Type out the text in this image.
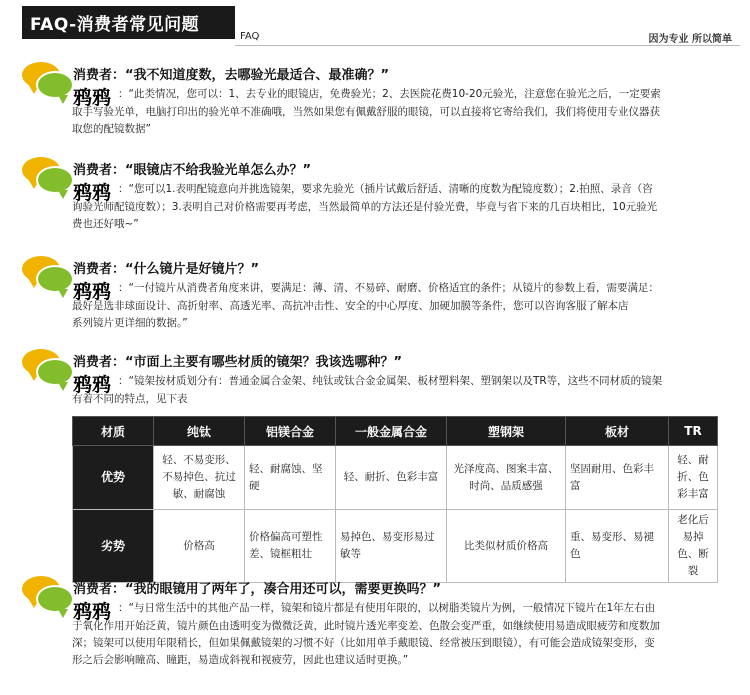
FAQ-消费者常见问题
FAQ	因为专业 所以简单
消费者：“我不知道度数，去哪验光最适合、最准确？”
鸦鸦 ：“此类情况，您可以：1、去专业的眼镜店，免费验光；2、去医院花费10-20元验光，注意您在验光之后，一定要索
取手写验光单，电脑打印出的验光单不准确哦，当然如果您有佩戴舒服的眼镜，可以直接将它寄给我们，我们将使用专业仪器获
取您的配镜数据”
消费者：“眼镜店不给我验光单怎么办？”
鸦鸦 ：“您可以1.表明配镜意向并挑选镜架，要求先验光（插片试戴后舒适、清晰的度数为配镜度数）；2.拍照、录音（咨
询验光师配镜度数）；3.表明自己对价格需要再考虑，当然最简单的方法还是付验光费，毕竟与省下来的几百块相比，10元验光
费也还好哦~”
消费者：“什么镜片是好镜片？”
鸦鸦 ：“一付镜片从消费者角度来讲，要满足：薄、清、不易碎、耐磨、价格适宜的条件；从镜片的参数上看，需要满足：
最好是选非球面设计、高折射率、高透光率、高抗冲击性、安全的中心厚度、加硬加膜等条件，您可以咨询客服了解本店
系列镜片更详细的数据。”
消费者：“市面上主要有哪些材质的镜架？我该选哪种？”
鸦鸦 ：“镜架按材质划分有：普通金属合金架、纯钛或钛合金金属架、板材塑料架、塑钢架以及TR等，这些不同材质的镜架
有着不同的特点，见下表
材质	纯钛	铝镁合金	一般金属合金	塑钢架	板材	TR
优势	轻、不易变形、不易掉色、抗过敏、耐腐蚀	轻、耐腐蚀、坚硬	轻、耐折、色彩丰富	光泽度高、图案丰富、时尚、品质感强	坚固耐用、色彩丰富	轻、耐折、色彩丰富
劣势	价格高	价格偏高可塑性差、镜框粗壮	易掉色、易变形易过敏等	比类似材质价格高	重、易变形、易褪色	老化后易掉色、断裂
消费者：“我的眼镜用了两年了，凑合用还可以，需要更换吗？”
鸦鸦 ：“与日常生活中的其他产品一样，镜架和镜片都是有使用年限的，以树脂类镜片为例，一般情况下镜片在1年左右由
于氧化作用开始泛黄，镜片颜色由透明变为微微泛黄，此时镜片透光率变差、色散会变严重，如继续使用易造成眼疲劳和度数加
深；镜架可以使用年限稍长，但如果佩戴镜架的习惯不好（比如用单手戴眼镜、经常被压到眼镜），有可能会造成镜架变形，变
形之后会影响瞳高、瞳距，易造成斜视和视疲劳，因此也建议适时更换。”
